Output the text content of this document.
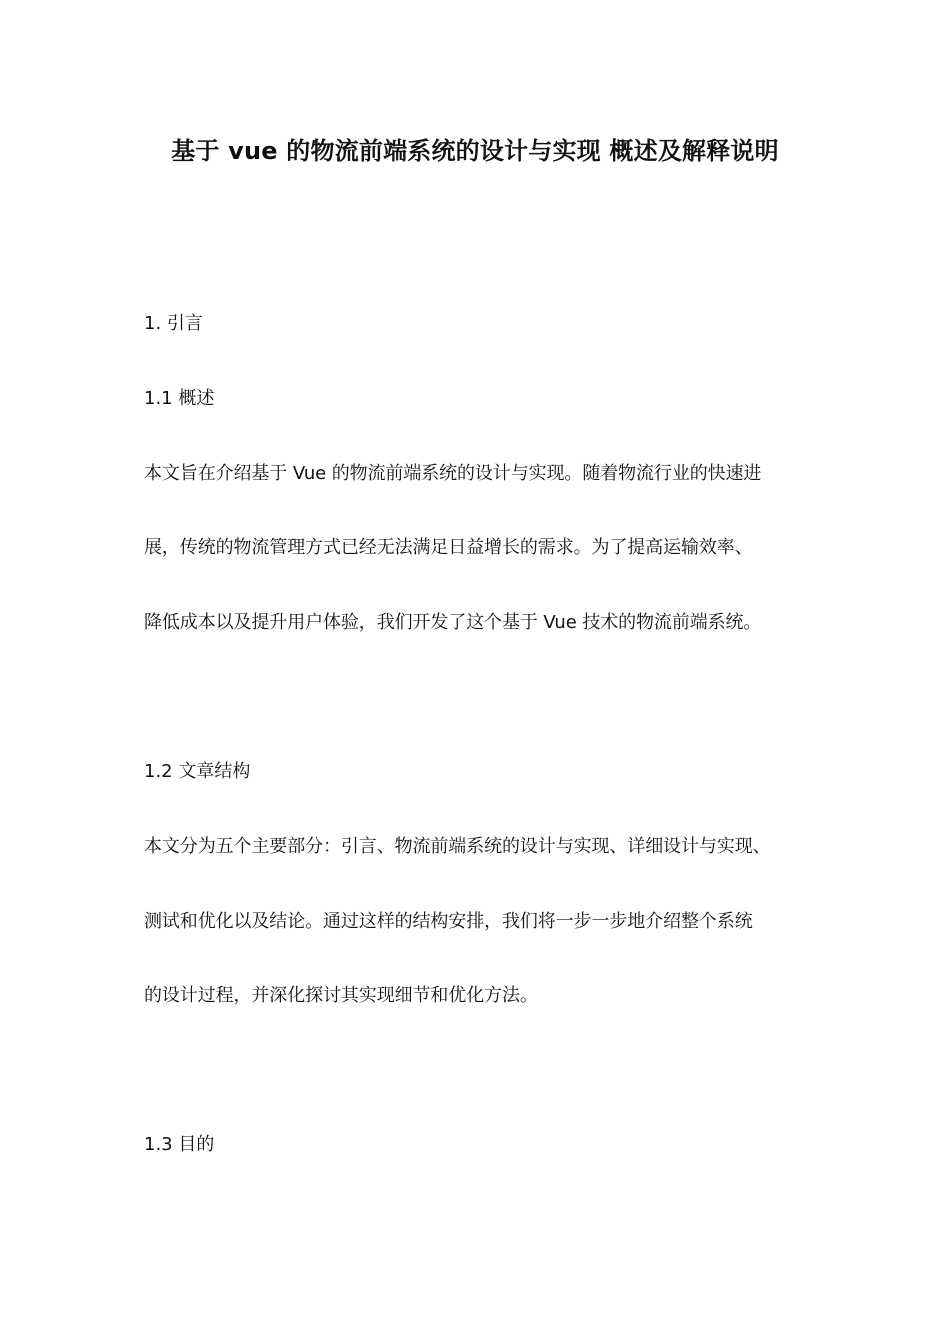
基于 vue 的物流前端系统的设计与实现 概述及解释说明
1. 引言
1.1 概述
本文旨在介绍基于 Vue 的物流前端系统的设计与实现。随着物流行业的快速进
展，传统的物流管理方式已经无法满足日益增长的需求。为了提高运输效率、
降低成本以及提升用户体验，我们开发了这个基于 Vue 技术的物流前端系统。
1.2 文章结构
本文分为五个主要部分：引言、物流前端系统的设计与实现、详细设计与实现、
测试和优化以及结论。通过这样的结构安排，我们将一步一步地介绍整个系统
的设计过程，并深化探讨其实现细节和优化方法。
1.3 目的
